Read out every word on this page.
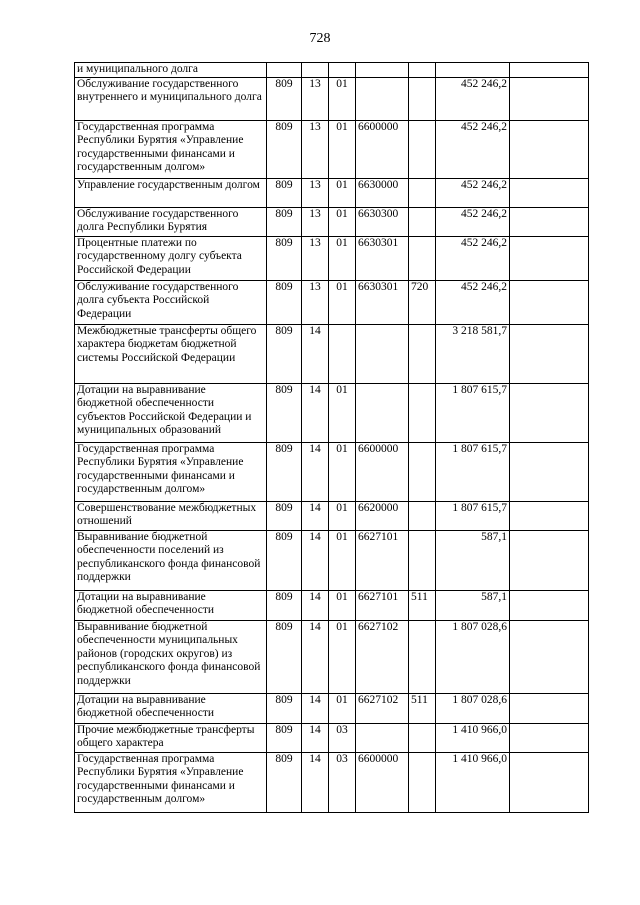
728
и муниципального долга							
Обслуживание государственного внутреннего и муниципального долга	809	13	01			452 246,2	
Государственная программа Республики Бурятия «Управление государственными финансами и государственным долгом»	809	13	01	6600000		452 246,2	
Управление государственным долгом	809	13	01	6630000		452 246,2	
Обслуживание государственного долга Республики Бурятия	809	13	01	6630300		452 246,2	
Процентные платежи по государственному долгу субъекта Российской Федерации	809	13	01	6630301		452 246,2	
Обслуживание государственного долга субъекта Российской Федерации	809	13	01	6630301	720	452 246,2	
Межбюджетные трансферты общего характера бюджетам бюджетной системы Российской Федерации	809	14				3 218 581,7	
Дотации на выравнивание бюджетной обеспеченности субъектов Российской Федерации и муниципальных образований	809	14	01			1 807 615,7	
Государственная программа Республики Бурятия «Управление государственными финансами и государственным долгом»	809	14	01	6600000		1 807 615,7	
Совершенствование межбюджетных отношений	809	14	01	6620000		1 807 615,7	
Выравнивание бюджетной обеспеченности поселений из республиканского фонда финансовой поддержки	809	14	01	6627101		587,1	
Дотации на выравнивание бюджетной обеспеченности	809	14	01	6627101	511	587,1	
Выравнивание бюджетной обеспеченности муниципальных районов (городских округов) из республиканского фонда финансовой поддержки	809	14	01	6627102		1 807 028,6	
Дотации на выравнивание бюджетной обеспеченности	809	14	01	6627102	511	1 807 028,6	
Прочие межбюджетные трансферты общего характера	809	14	03			1 410 966,0	
Государственная программа Республики Бурятия «Управление государственными финансами и государственным долгом»	809	14	03	6600000		1 410 966,0	
